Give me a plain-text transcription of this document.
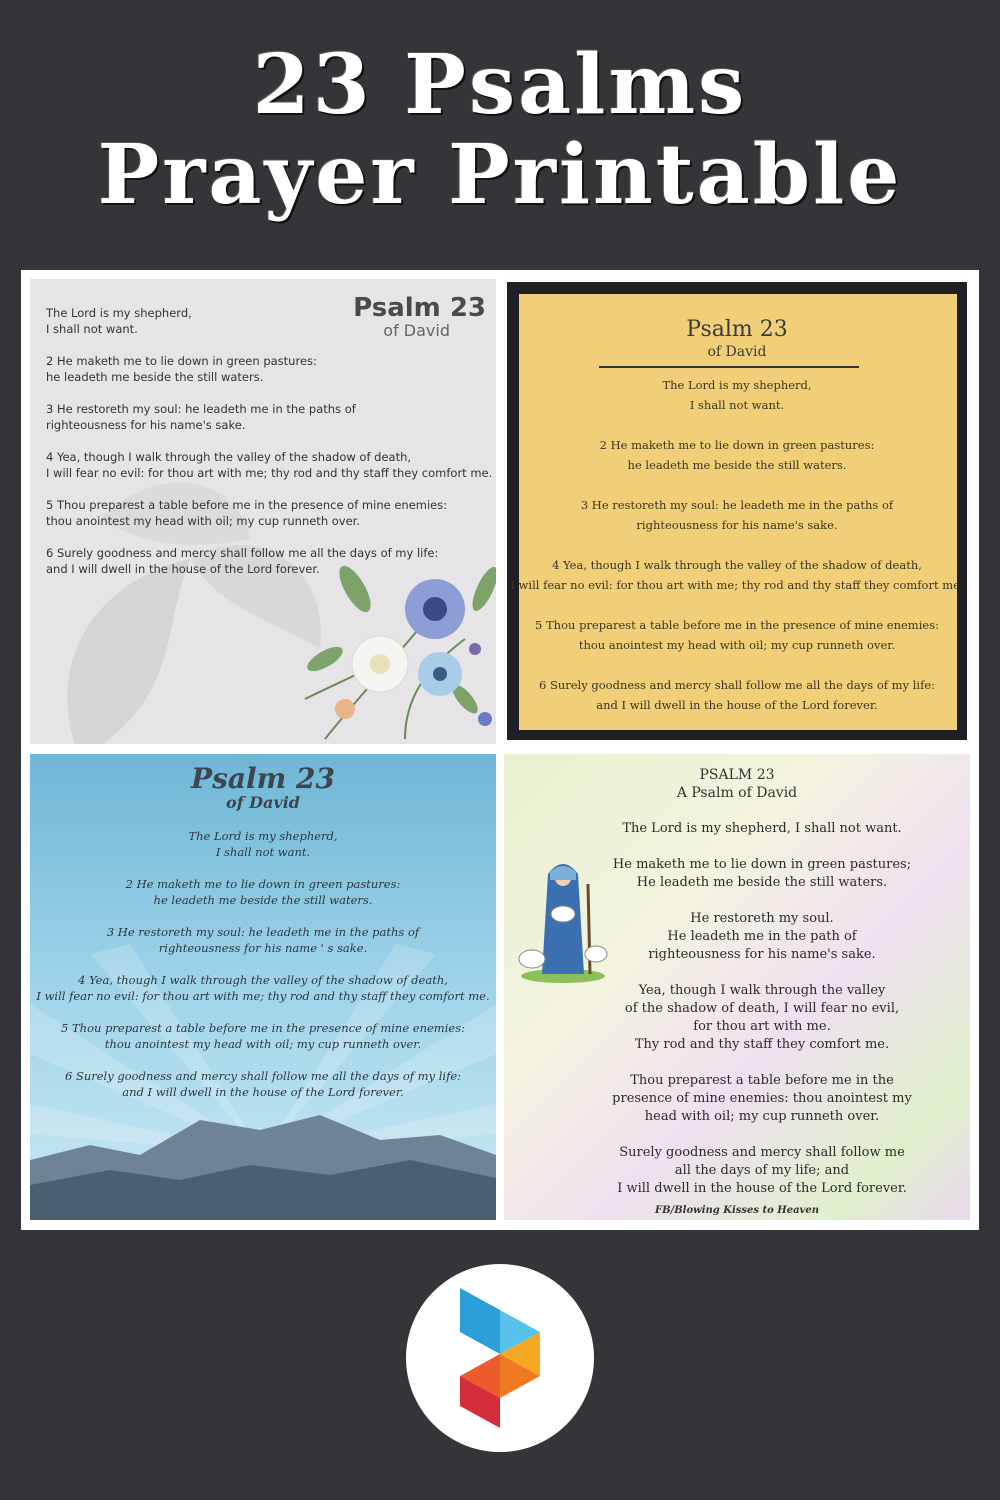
23 Psalms
Prayer Printable
Psalm 23
of David

The Lord is my shepherd,
I shall not want.

2 He maketh me to lie down in green pastures:
he leadeth me beside the still waters.

3 He restoreth my soul: he leadeth me in the paths of
righteousness for his name's sake.

4 Yea, though I walk through the valley of the shadow of death,
I will fear no evil: for thou art with me; thy rod and thy staff they comfort me.

5 Thou preparest a table before me in the presence of mine enemies:
thou anointest my head with oil; my cup runneth over.

6 Surely goodness and mercy shall follow me all the days of my life:
and I will dwell in the house of the Lord forever.

Psalm 23
of David

The Lord is my shepherd,
I shall not want.

2 He maketh me to lie down in green pastures:
he leadeth me beside the still waters.

3 He restoreth my soul: he leadeth me in the paths of
righteousness for his name's sake.

4 Yea, though I walk through the valley of the shadow of death,
I will fear no evil: for thou art with me; thy rod and thy staff they comfort me.

5 Thou preparest a table before me in the presence of mine enemies:
thou anointest my head with oil; my cup runneth over.

6 Surely goodness and mercy shall follow me all the days of my life:
and I will dwell in the house of the Lord forever.

Psalm 23
of David

The Lord is my shepherd,
I shall not want.

2 He maketh me to lie down in green pastures:
he leadeth me beside the still waters.

3 He restoreth my soul: he leadeth me in the paths of
righteousness for his name ' s sake.

4 Yea, though I walk through the valley of the shadow of death,
I will fear no evil: for thou art with me; thy rod and thy staff they comfort me.

5 Thou preparest a table before me in the presence of mine enemies:
thou anointest my head with oil; my cup runneth over.

6 Surely goodness and mercy shall follow me all the days of my life:
and I will dwell in the house of the Lord forever.

PSALM 23
A Psalm of David

The Lord is my shepherd, I shall not want.

He maketh me to lie down in green pastures;
He leadeth me beside the still waters.

He restoreth my soul.
He leadeth me in the path of
righteousness for his name's sake.

Yea, though I walk through the valley
of the shadow of death, I will fear no evil,
for thou art with me.
Thy rod and thy staff they comfort me.

Thou preparest a table before me in the
presence of mine enemies: thou anointest my
head with oil; my cup runneth over.

Surely goodness and mercy shall follow me
all the days of my life; and
I will dwell in the house of the Lord forever.

FB/Blowing Kisses to Heaven
